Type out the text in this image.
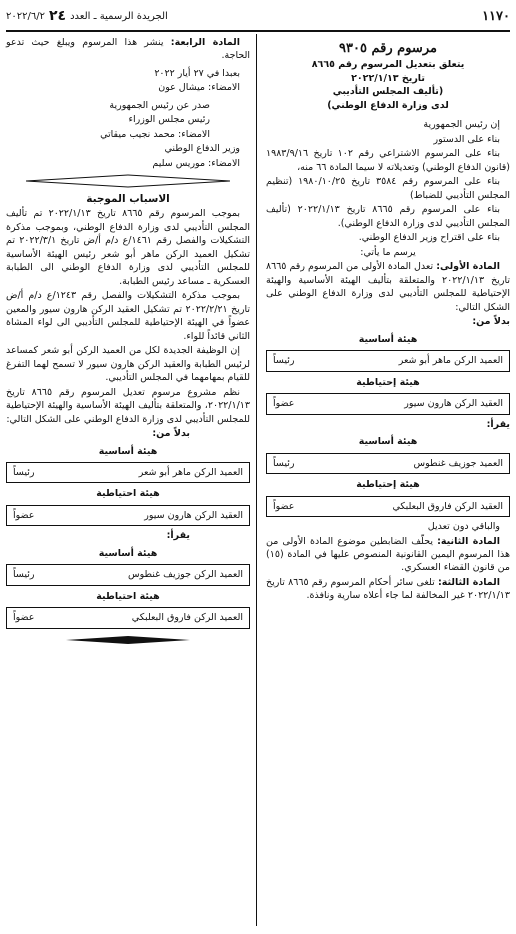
١١٧٠
الجريدة الرسمية ـ العدد
٢٤
٢٠٢٢/٦/٢
مرسوم رقم ٩٣٠٥
يتعلق بتعديل المرسوم رقم ٨٦٦٥
تاريخ ٢٠٢٢/١/١٣
(تأليف المجلس التأديبي
لدى وزارة الدفاع الوطني)

إن رئيس الجمهورية

بناء على الدستور

بناء على المرسوم الاشتراعي رقم ١٠٢ تاريخ ١٩٨٣/٩/١٦ (قانون الدفاع الوطني) وتعديلاته لا سيما المادة ٦٦ منه،

بناء على المرسوم رقم ٣٥٨٤ تاريخ ١٩٨٠/١٠/٢٥ (تنظيم المجلس التأديبي للضباط)

بناء على المرسوم رقم ٨٦٦٥ تاريخ ٢٠٢٢/١/١٣ (تأليف المجلس التأديبي لدى وزارة الدفاع الوطني).

بناء على اقتراح وزير الدفاع الوطني.

يرسم ما يأتي:

المادة الأولى: تعدل المادة الأولى من المرسوم رقم ٨٦٦٥ تاريخ ٢٠٢٢/١/١٣ والمتعلقة بتأليف الهيئة الأساسية والهيئة الإحتياطية للمجلس التأديبي لدى وزارة الدفاع الوطني على الشكل التالي:

بدلاً من:
هيئة أساسية
العميد الركن ماهر أبو شعر
رئيساً
هيئة إحتياطية
العقيد الركن هارون سيور
عضواً
يقرأ:
هيئة أساسية
العميد جوزيف غنطوس
رئيساً
هيئة إحتياطية
العقيد الركن فاروق البعلبكي
عضواً

والباقي دون تعديل

المادة الثانية: يحلّف الضابطين موضوع المادة الأولى من هذا المرسوم اليمين القانونية المنصوص عليها في المادة (١٥) من قانون القضاء العسكري.

المادة الثالثة: تلغى سائر أحكام المرسوم رقم ٨٦٦٥ تاريخ ٢٠٢٢/١/١٣ غير المخالفة لما جاء أعلاه سارية ونافذة.

المادة الرابعة: ينشر هذا المرسوم ويبلغ حيث تدعو الحاجة.

بعبدا في ٢٧ أيار ٢٠٢٢

الامضاء: ميشال عون

صدر عن رئيس الجمهورية

رئيس مجلس الوزراء

الامضاء: محمد نجيب ميقاتي

وزير الدفاع الوطني

الامضاء: موريس سليم

الاسباب الموجبة

بموجب المرسوم رقم ٨٦٦٥ تاريخ ٢٠٢٢/١/١٣ تم تأليف المجلس التأديبي لدى وزارة الدفاع الوطني، وبموجب مذكرة التشكيلات والفصل رقم ١٤٦١/ع د/م أ/ض تاريخ ٢٠٢٢/٣/١ تم تشكيل العميد الركن ماهر أبو شعر رئيس الهيئة الأساسية للمجلس التأديبي لدى وزارة الدفاع الوطني الى الطبابة العسكرية ـ مساعد رئيس الطبابة.

بموجب مذكرة التشكيلات والفصل رقم ١٢٤٣/ع د/م أ/ض تاريخ ٢٠٢٢/٢/٢١ تم تشكيل العقيد الركن هارون سيور والمعين عضواً في الهيئة الإحتياطية للمجلس التأديبي الى لواء المشاة الثاني قائداً للواء.

إن الوظيفة الجديدة لكل من العميد الركن أبو شعر كمساعد لرئيس الطبابة والعقيد الركن هارون سيور لا تسمح لهما التفرغ للقيام بمهامهما في المجلس التأديبي.

نظم مشروع مرسوم تعديل المرسوم رقم ٨٦٦٥ تاريخ ٢٠٢٢/١/١٣، والمتعلقة بتأليف الهيئة الأساسية والهيئة الإحتياطية للمجلس التأديبي لدى وزارة الدفاع الوطني على الشكل التالي:

بدلاً من:
هيئة أساسية
العميد الركن ماهر أبو شعر
رئيساً
هيئة احتياطية
العقيد الركن هارون سيور
عضواً
يقرأ:
هيئة أساسية
العميد الركن جوزيف غنطوس
رئيساً
هيئة احتياطية
العميد الركن فاروق البعلبكي
عضواً
